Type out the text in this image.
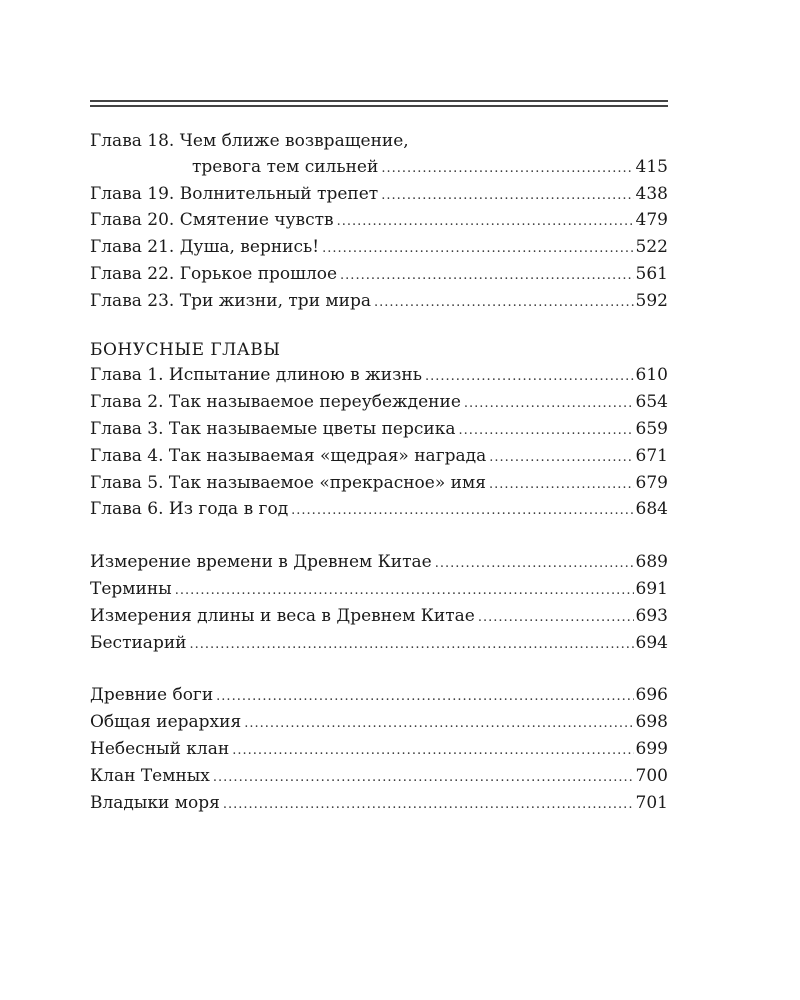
Глава 18. Чем ближе возвращение,
тревога тем сильней .....	415
Глава 19. Волнительный трепет .....	438
Глава 20. Смятение чувств .....	479
Глава 21. Душа, вернись! .....	522
Глава 22. Горькое прошлое .....	561
Глава 23. Три жизни, три мира .....	592
БОНУСНЫЕ ГЛАВЫ
Глава 1. Испытание длиною в жизнь .....	610
Глава 2. Так называемое переубеждение .....	654
Глава 3. Так называемые цветы персика .....	659
Глава 4. Так называемая «щедрая» награда .....	671
Глава 5. Так называемое «прекрасное» имя .....	679
Глава 6. Из года в год .....	684
Измерение времени в Древнем Китае .....	689
Термины .....	691
Измерения длины и веса в Древнем Китае .....	693
Бестиарий .....	694
Древние боги .....	696
Общая иерархия .....	698
Небесный клан .....	699
Клан Темных .....	700
Владыки моря .....	701
